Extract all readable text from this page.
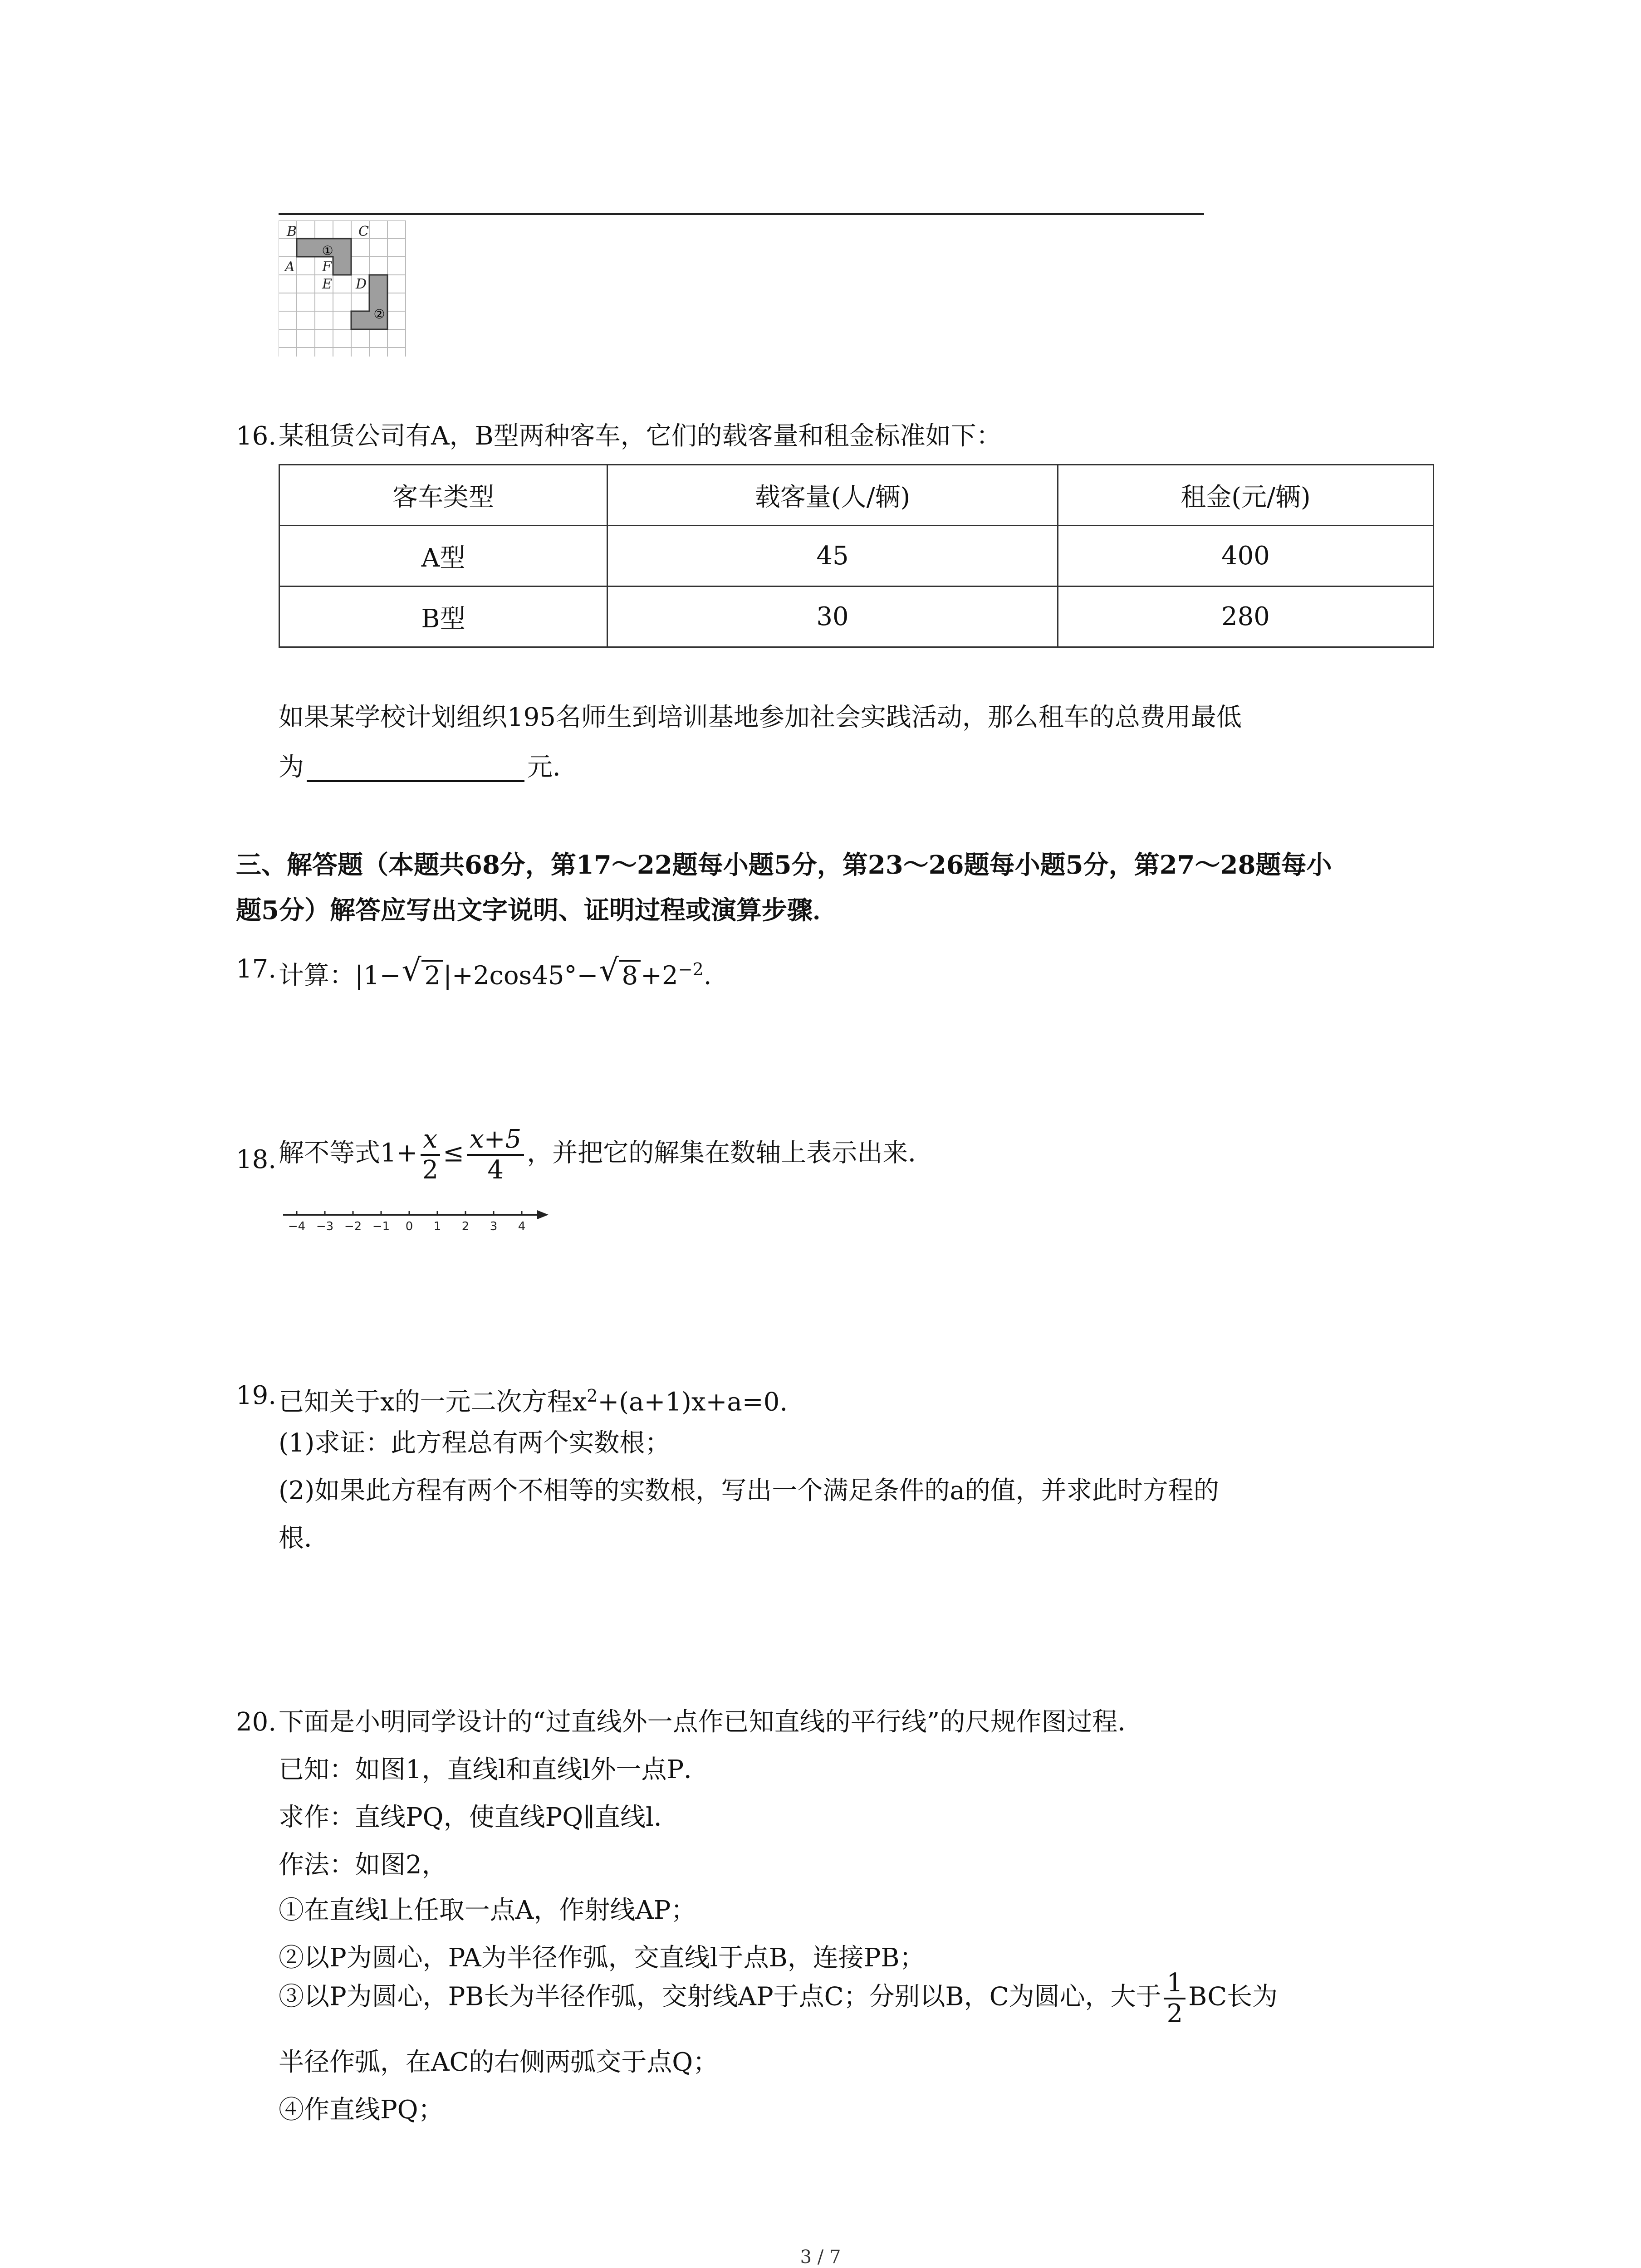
B	C
A F
E D
①
②
16. 某租赁公司有A，B型两种客车，它们的载客量和租金标准如下：
客车类型	载客量(人/辆)	租金(元/辆)
A型	45	400
B型	30	280
如果某学校计划组织195名师生到培训基地参加社会实践活动，那么租车的总费用最低
为	元．
三、解答题（本题共68分，第17～22题每小题5分，第23～26题每小题5分，第27～28题每小
题5分）解答应写出文字说明、证明过程或演算步骤．
17. 计算：|1− √ 2 |+2cos45°− √ $8 +2^{-2}$.
18. 解不等式$1+ \frac{x}{2} \le \frac{x+5}{4}$ ，并把它的解集在数轴上表示出来．
−4 −3 −2 −1 0 1 2 3 4
19. 已知关于x的一元二次方程$x^2+(a+1)x+a=0$.
(1)求证：此方程总有两个实数根；
(2)如果此方程有两个不相等的实数根，写出一个满足条件的a的值，并求此时方程的
根．
20. 下面是小明同学设计的“过直线外一点作已知直线的平行线”的尺规作图过程．
已知：如图1，直线l和直线l外一点P．
求作：直线PQ，使直线PQ∥直线l．
作法：如图2，
①在直线l上任取一点A，作射线AP；
②以P为圆心，PA为半径作弧，交直线l于点B，连接PB；
③以P为圆心，PB长为半径作弧，交射线AP于点C；分别以B，C为圆心，大于 $\frac{1}{2}$ BC长为
半径作弧，在AC的右侧两弧交于点Q；
④作直线PQ；
3 / 7
